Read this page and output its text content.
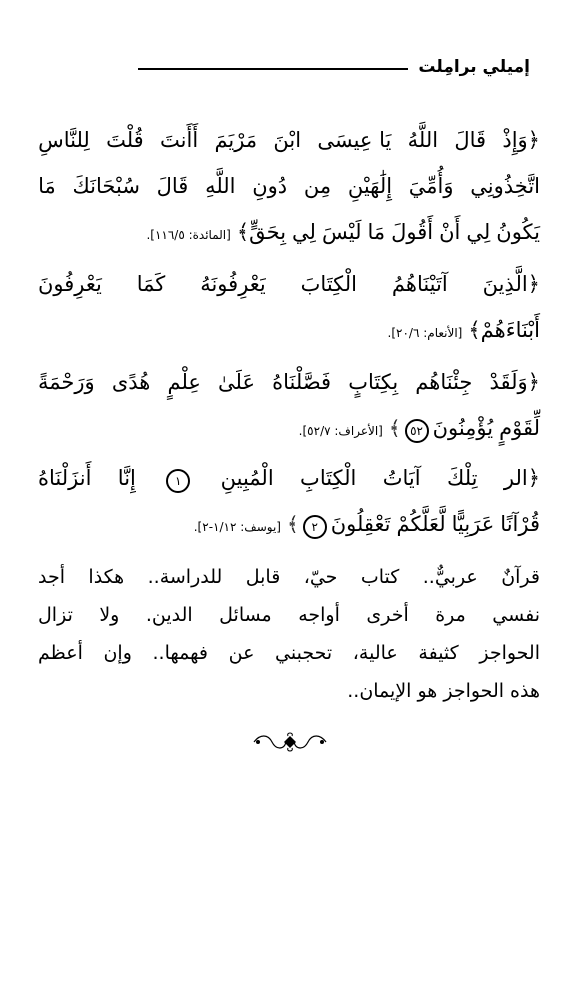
إميلي برامِلت
﴿وَإِذْ
قَالَ
اللَّهُ
يَا عِيسَى
ابْنَ
مَرْيَمَ
أَأَنتَ
قُلْتَ
لِلنَّاسِ
اتَّخِذُونِي
وَأُمِّيَ
إِلَٰهَيْنِ
مِن
دُونِ
اللَّهِ
قَالَ
سُبْحَانَكَ
مَا
يَكُونُ
لِي
أَنْ
أَقُولَ
مَا
لَيْسَ
لِي
بِحَقٍّ﴾
[المائدة: ١١٦/٥].
﴿الَّذِينَ
آتَيْنَاهُمُ
الْكِتَابَ
يَعْرِفُونَهُ
كَمَا
يَعْرِفُونَ
أَبْنَاءَهُمْ﴾
[الأنعام: ٢٠/٦].
﴿وَلَقَدْ
جِئْنَاهُم
بِكِتَابٍ
فَصَّلْنَاهُ
عَلَىٰ
عِلْمٍ
هُدًى
وَرَحْمَةً
لِّقَوْمٍ
يُؤْمِنُونَ
٥٢
﴾
[الأعراف: ٥٢/٧].
﴿الر
تِلْكَ
آيَاتُ
الْكِتَابِ
الْمُبِينِ
١
إِنَّا
أَنزَلْنَاهُ
قُرْآنًا
عَرَبِيًّا
لَّعَلَّكُمْ
تَعْقِلُونَ
٢
﴾
[يوسف: ١/١٢-٢].
قرآنٌ عربيٌّ.. كتاب حيّ، قابل للدراسة.. هكذا أجد
نفسي مرة أخرى أواجه مسائل الدين. ولا تزال
الحواجز كثيفة عالية، تحجبني عن فهمها.. وإن أعظم
هذه الحواجز هو الإيمان..
